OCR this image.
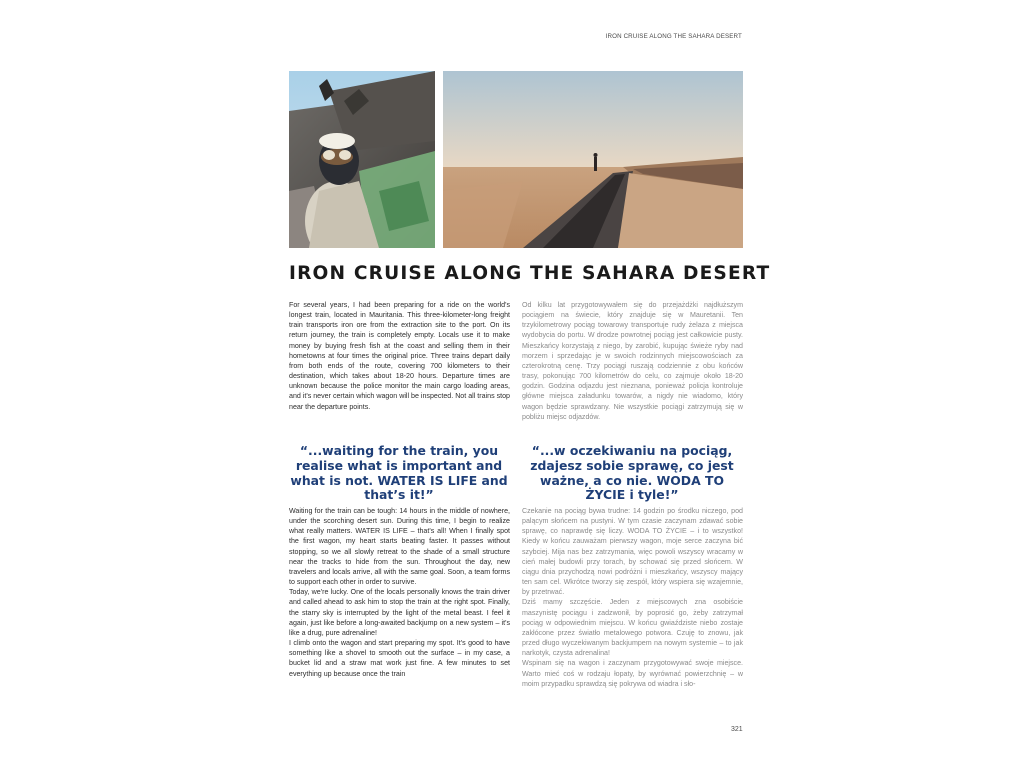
IRON CRUISE ALONG THE SAHARA DESERT
IRON CRUISE ALONG THE SAHARA DESERT

For several years, I had been preparing for a ride on the world's longest train, located in Mauritania. This three-kilometer-long freight train transports iron ore from the extraction site to the port. On its return journey, the train is completely empty. Locals use it to make money by buying fresh fish at the coast and selling them in their hometowns at four times the original price. Three trains depart daily from both ends of the route, covering 700 kilometers to their destination, which takes about 18-20 hours. Departure times are unknown because the police monitor the main cargo loading areas, and it's never certain which wagon will be inspected. Not all trains stop near the departure points.

Od kilku lat przygotowywałem się do przejażdżki najdłuższym pociągiem na świecie, który znajduje się w Mauretanii. Ten trzykilometrowy pociąg towarowy transportuje rudy żelaza z miejsca wydobycia do portu. W drodze powrotnej pociąg jest całkowicie pusty. Mieszkańcy korzystają z niego, by zarobić, kupując świeże ryby nad morzem i sprzedając je w swoich rodzinnych miejscowościach za czterokrotną cenę. Trzy pociągi ruszają codziennie z obu końców trasy, pokonując 700 kilometrów do celu, co zajmuje około 18-20 godzin. Godzina odjazdu jest nieznana, ponieważ policja kontroluje główne miejsca załadunku towarów, a nigdy nie wiadomo, który wagon będzie sprawdzany. Nie wszystkie pociągi zatrzymują się w pobliżu miejsc odjazdów.

“...waiting for the train, you realise what is important and what is not. WATER IS LIFE and that’s it!”

“...w oczekiwaniu na pociąg, zdajesz sobie sprawę, co jest ważne, a co nie. WODA TO ŻYCIE i tyle!”

Waiting for the train can be tough: 14 hours in the middle of nowhere, under the scorching desert sun. During this time, I begin to realize what really matters. WATER IS LIFE – that's all! When I finally spot the first wagon, my heart starts beating faster. It passes without stopping, so we all slowly retreat to the shade of a small structure near the tracks to hide from the sun. Throughout the day, new travelers and locals arrive, all with the same goal. Soon, a team forms to support each other in order to survive.

Today, we're lucky. One of the locals personally knows the train driver and called ahead to ask him to stop the train at the right spot. Finally, the starry sky is interrupted by the light of the metal beast. I feel it again, just like before a long-awaited backjump on a new system – it's like a drug, pure adrenaline!

I climb onto the wagon and start preparing my spot. It's good to have something like a shovel to smooth out the surface – in my case, a bucket lid and a straw mat work just fine. A few minutes to set everything up because once the train

Czekanie na pociąg bywa trudne: 14 godzin po środku niczego, pod palącym słońcem na pustyni. W tym czasie zaczynam zdawać sobie sprawę, co naprawdę się liczy. WODA TO ŻYCIE – i to wszystko! Kiedy w końcu zauważam pierwszy wagon, moje serce zaczyna bić szybciej. Mija nas bez zatrzymania, więc powoli wszyscy wracamy w cień małej budowli przy torach, by schować się przed słońcem. W ciągu dnia przychodzą nowi podróżni i mieszkańcy, wszyscy mający ten sam cel. Wkrótce tworzy się zespół, który wspiera się wzajemnie, by przetrwać.

Dziś mamy szczęście. Jeden z miejscowych zna osobiście maszynistę pociągu i zadzwonił, by poprosić go, żeby zatrzymał pociąg w odpowiednim miejscu. W końcu gwiaździste niebo zostaje zakłócone przez światło metalowego potwora. Czuję to znowu, jak przed długo wyczekiwanym backjumpem na nowym systemie – to jak narkotyk, czysta adrenalina!

Wspinam się na wagon i zaczynam przygotowywać swoje miejsce. Warto mieć coś w rodzaju łopaty, by wyrównać powierzchnię – w moim przypadku sprawdzą się pokrywa od wiadra i sło-

321
